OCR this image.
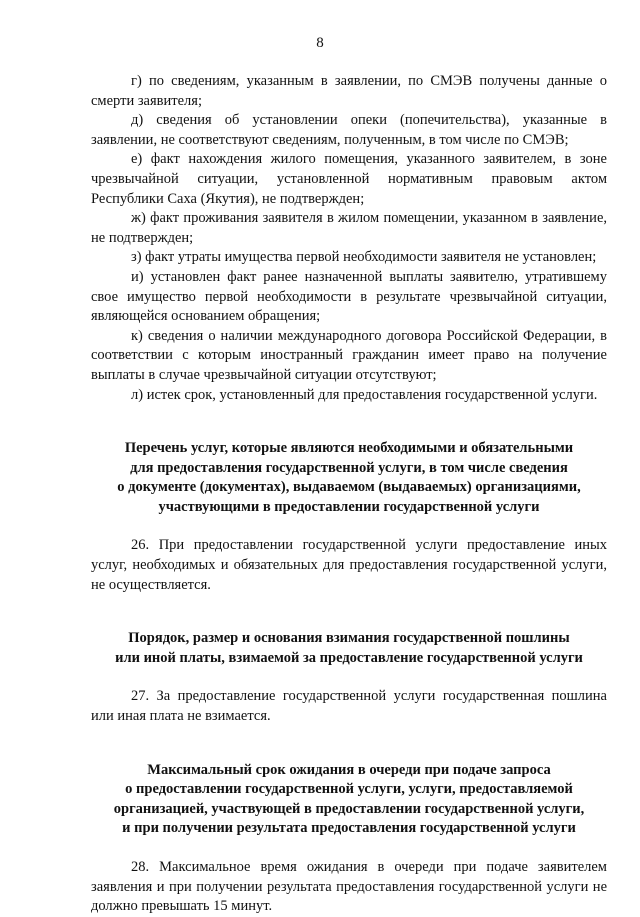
8

г) по сведениям, указанным в заявлении, по СМЭВ получены данные о смерти заявителя;

д) сведения об установлении опеки (попечительства), указанные в заявлении, не соответствуют сведениям, полученным, в том числе по СМЭВ;

е) факт нахождения жилого помещения, указанного заявителем, в зоне чрезвычайной ситуации, установленной нормативным правовым актом Республики Саха (Якутия), не подтвержден;

ж) факт проживания заявителя в жилом помещении, указанном в заявление, не подтвержден;

з) факт утраты имущества первой необходимости заявителя не установлен;

и) установлен факт ранее назначенной выплаты заявителю, утратившему свое имущество первой необходимости в результате чрезвычайной ситуации, являющейся основанием обращения;

к) сведения о наличии международного договора Российской Федерации, в соответствии с которым иностранный гражданин имеет право на получение выплаты в случае чрезвычайной ситуации отсутствуют;

л) истек срок, установленный для предоставления государственной услуги.

Перечень услуг, которые являются необходимыми и обязательными
для предоставления государственной услуги, в том числе сведения
о документе (документах), выдаваемом (выдаваемых) организациями,
участвующими в предоставлении государственной услуги

26. При предоставлении государственной услуги предоставление иных услуг, необходимых и обязательных для предоставления государственной услуги, не осуществляется.

Порядок, размер и основания взимания государственной пошлины
или иной платы, взимаемой за предоставление государственной услуги

27. За предоставление государственной услуги государственная пошлина или иная плата не взимается.

Максимальный срок ожидания в очереди при подаче запроса
о предоставлении государственной услуги, услуги, предоставляемой
организацией, участвующей в предоставлении государственной услуги,
и при получении результата предоставления государственной услуги

28. Максимальное время ожидания в очереди при подаче заявителем заявления и при получении результата предоставления государственной услуги не должно превышать 15 минут.
